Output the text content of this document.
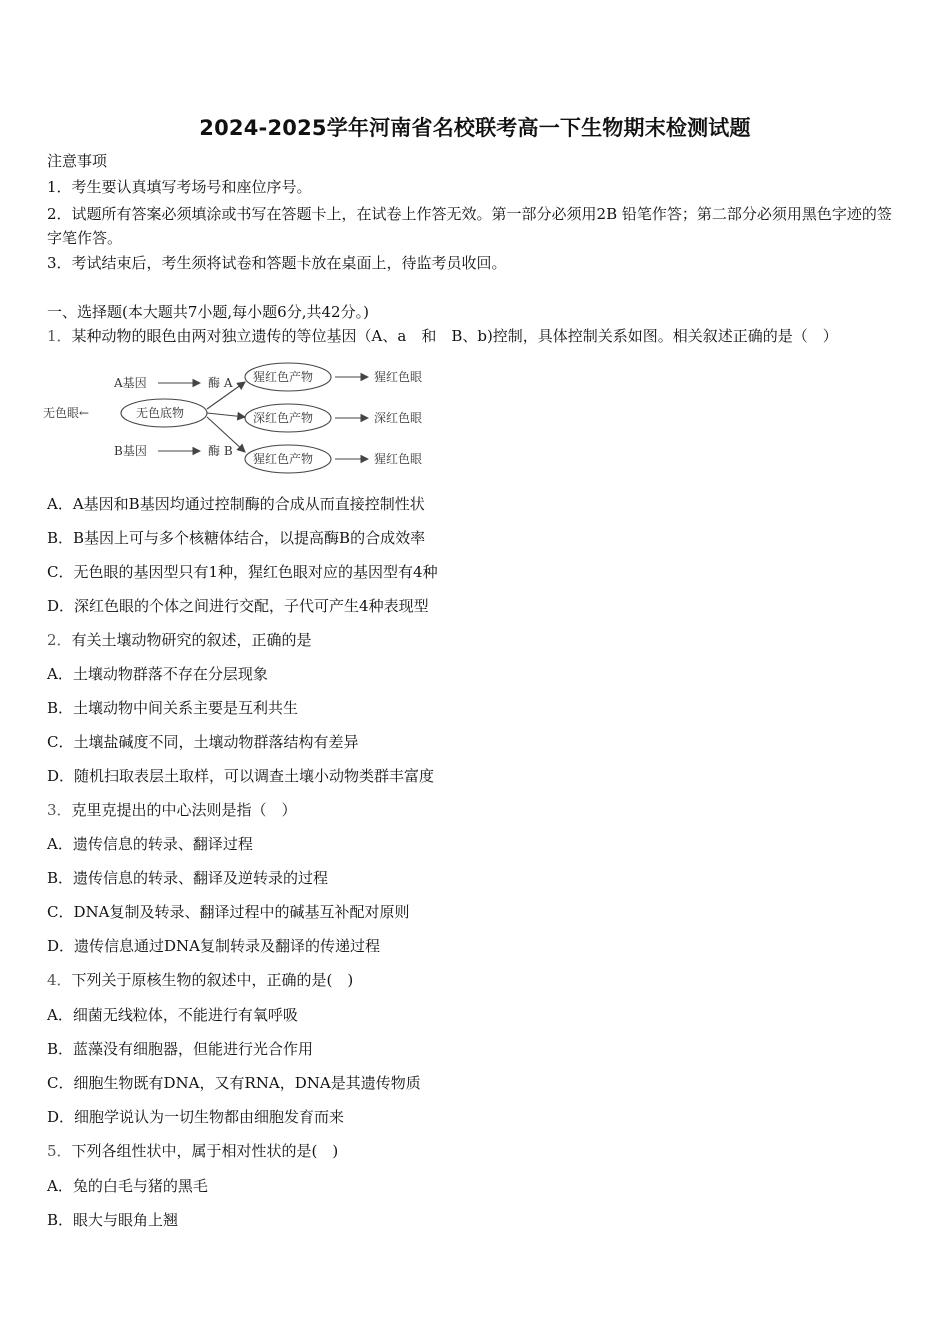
2024-2025学年河南省名校联考高一下生物期末检测试题
注意事项
1．考生要认真填写考场号和座位序号。
2．试题所有答案必须填涂或书写在答题卡上，在试卷上作答无效。第一部分必须用2B 铅笔作答；第二部分必须用黑色字迹的签字笔作答。
3．考试结束后，考生须将试卷和答题卡放在桌面上，待监考员收回。
一、选择题(本大题共7小题,每小题6分,共42分。)
1．某种动物的眼色由两对独立遗传的等位基因（A、a　和　B、b)控制，具体控制关系如图。相关叙述正确的是（　）
无色眼←	无色底物
A基因	酶 A
B基因	酶 B
猩红色产物
深红色产物
猩红色产物
猩红色眼
深红色眼
猩红色眼
A．A基因和B基因均通过控制酶的合成从而直接控制性状
B．B基因上可与多个核糖体结合，以提高酶B的合成效率
C．无色眼的基因型只有1种，猩红色眼对应的基因型有4种
D．深红色眼的个体之间进行交配，子代可产生4种表现型
2．有关土壤动物研究的叙述，正确的是
A．土壤动物群落不存在分层现象
B．土壤动物中间关系主要是互利共生
C．土壤盐碱度不同，土壤动物群落结构有差异
D．随机扫取表层土取样，可以调查土壤小动物类群丰富度
3．克里克提出的中心法则是指（　）
A．遗传信息的转录、翻译过程
B．遗传信息的转录、翻译及逆转录的过程
C．DNA复制及转录、翻译过程中的碱基互补配对原则
D．遗传信息通过DNA复制转录及翻译的传递过程
4．下列关于原核生物的叙述中，正确的是(　)
A．细菌无线粒体，不能进行有氧呼吸
B．蓝藻没有细胞器，但能进行光合作用
C．细胞生物既有DNA，又有RNA，DNA是其遗传物质
D．细胞学说认为一切生物都由细胞发育而来
5．下列各组性状中，属于相对性状的是(　)
A．兔的白毛与猪的黑毛
B．眼大与眼角上翘
